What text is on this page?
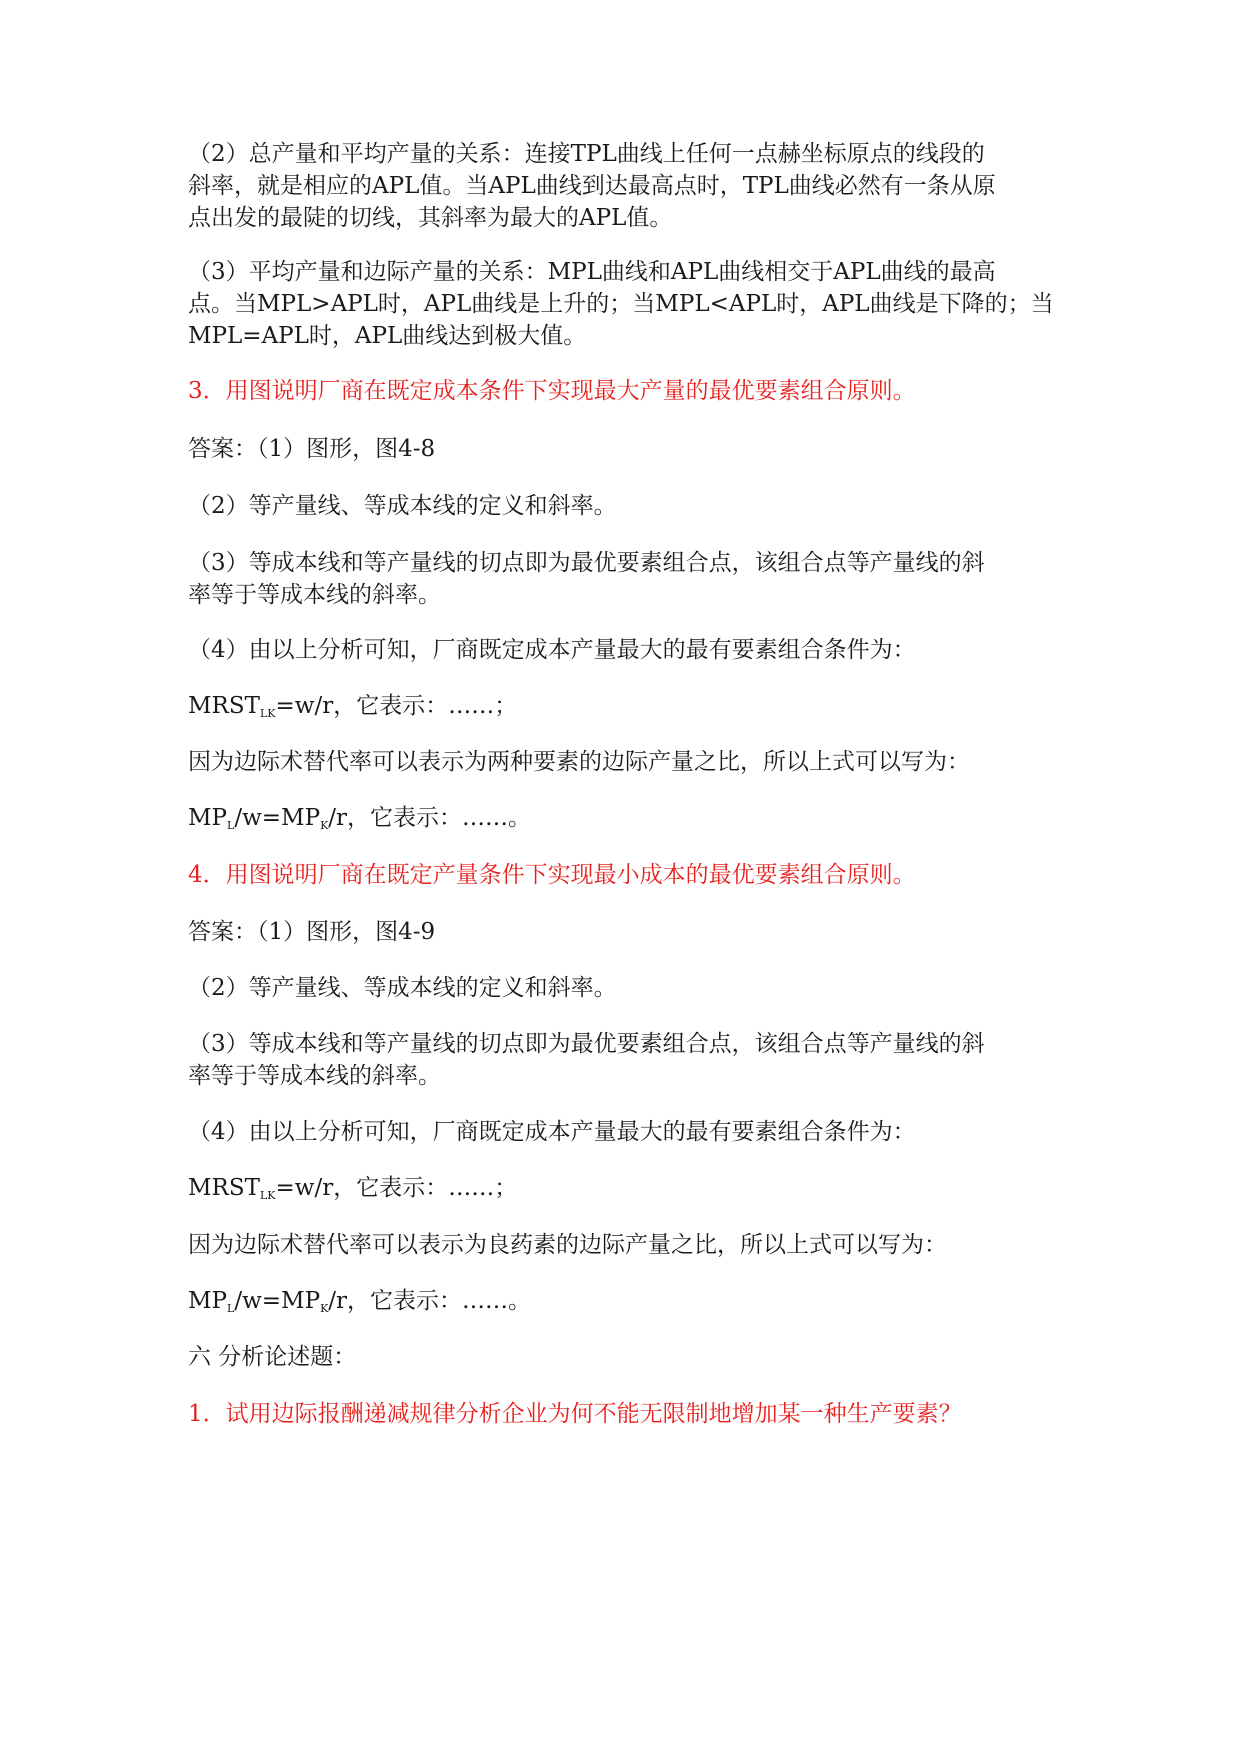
（2）总产量和平均产量的关系：连接TPL曲线上任何一点赫坐标原点的线段的
斜率，就是相应的APL值。当APL曲线到达最高点时，TPL曲线必然有一条从原
点出发的最陡的切线，其斜率为最大的APL值。
（3）平均产量和边际产量的关系：MPL曲线和APL曲线相交于APL曲线的最高
点。当MPL>APL时，APL曲线是上升的；当MPL<APL时，APL曲线是下降的；当
MPL=APL时，APL曲线达到极大值。
3．用图说明厂商在既定成本条件下实现最大产量的最优要素组合原则。
答案：（1）图形，图4-8
（2）等产量线、等成本线的定义和斜率。
（3）等成本线和等产量线的切点即为最优要素组合点，该组合点等产量线的斜
率等于等成本线的斜率。
（4）由以上分析可知，厂商既定成本产量最大的最有要素组合条件为：
$MRST_{LK}=w/r$，它表示：……；
因为边际术替代率可以表示为两种要素的边际产量之比，所以上式可以写为：
$MP_L/w=MP_K/r$，它表示：……。
4．用图说明厂商在既定产量条件下实现最小成本的最优要素组合原则。
答案：（1）图形，图4-9
（2）等产量线、等成本线的定义和斜率。
（3）等成本线和等产量线的切点即为最优要素组合点，该组合点等产量线的斜
率等于等成本线的斜率。
（4）由以上分析可知，厂商既定成本产量最大的最有要素组合条件为：
$MRST_{LK}=w/r$，它表示：……；
因为边际术替代率可以表示为良药素的边际产量之比，所以上式可以写为：
$MP_L/w=MP_K/r$，它表示：……。
六 分析论述题：
1．试用边际报酬递减规律分析企业为何不能无限制地增加某一种生产要素？
